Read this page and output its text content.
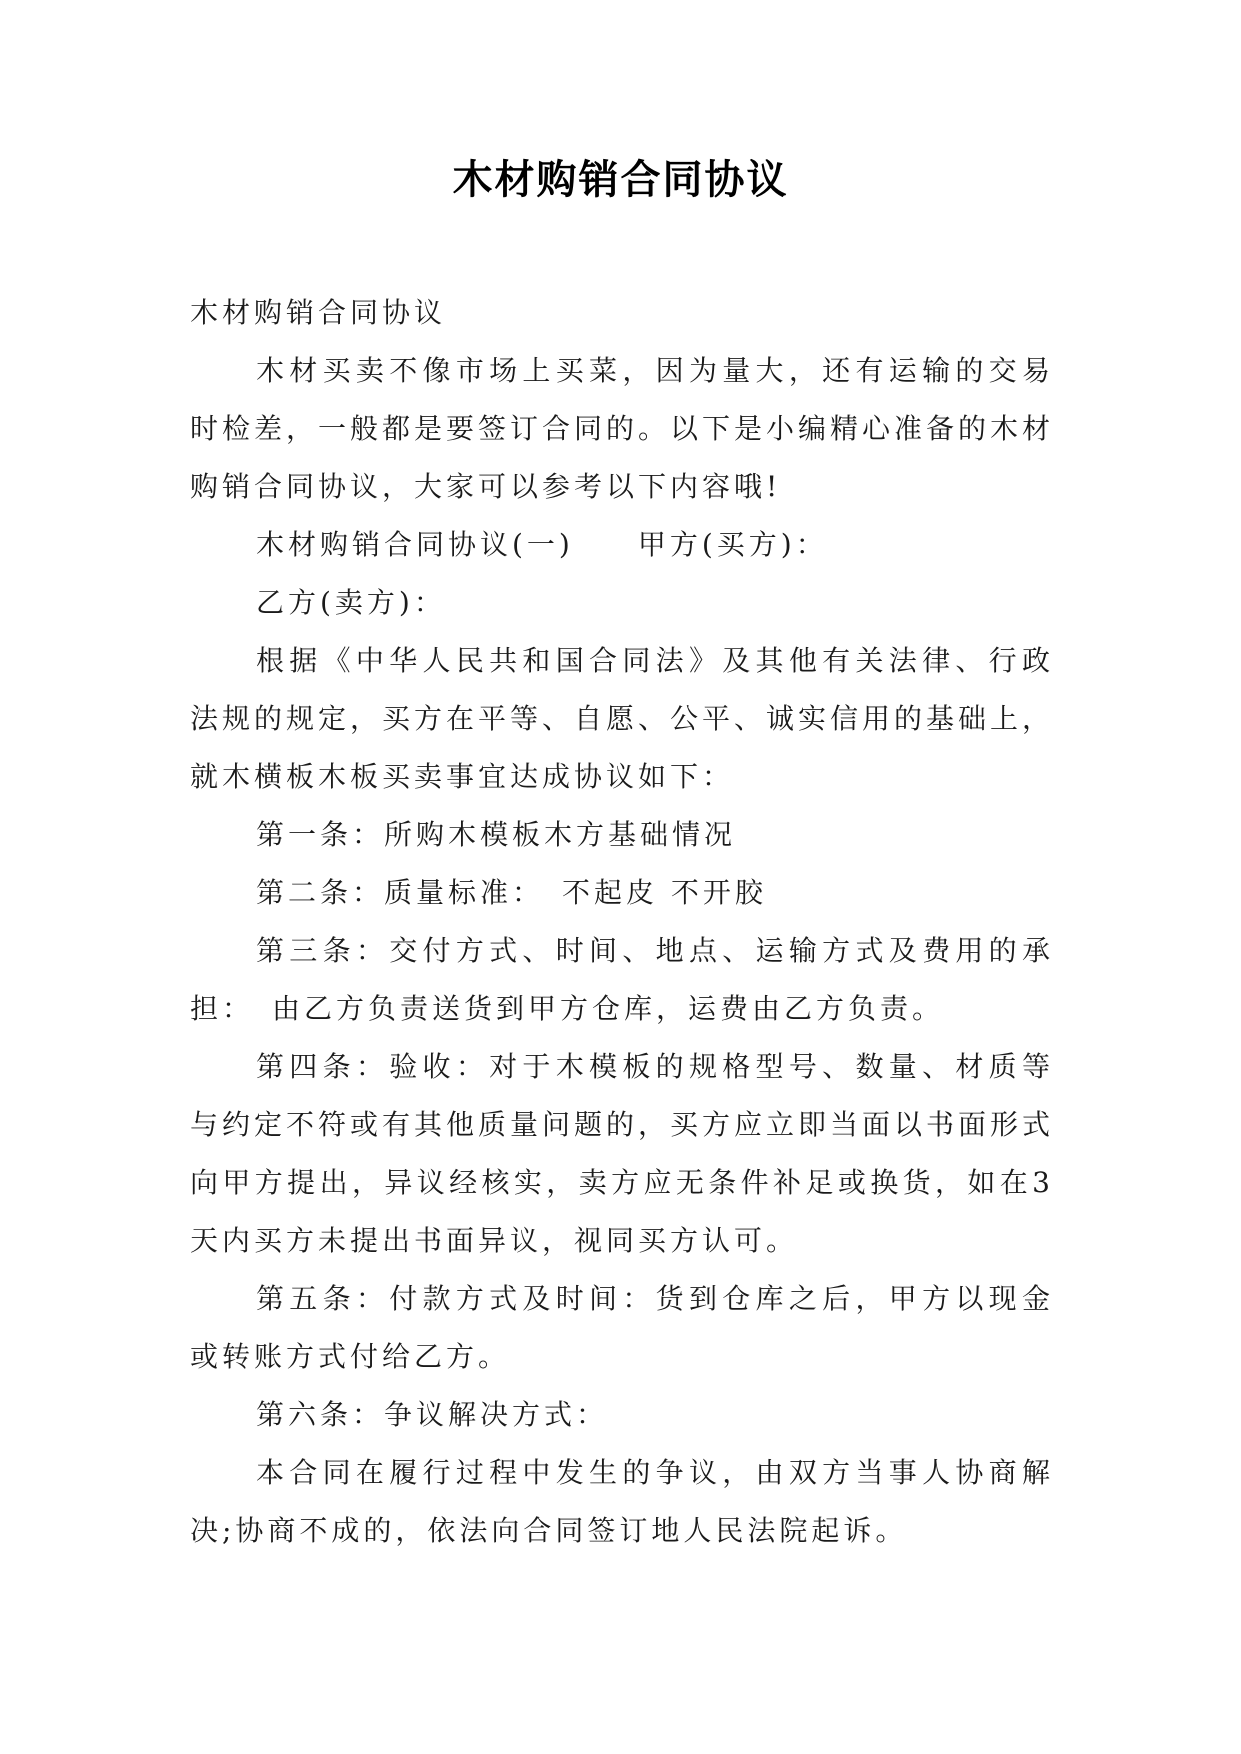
木材购销合同协议

木材购销合同协议

木材买卖不像市场上买菜，因为量大，还有运输的交易时检差，一般都是要签订合同的。以下是小编精心准备的木材购销合同协议，大家可以参考以下内容哦!

木材购销合同协议(一)　　甲方(买方)：

乙方(卖方)：

根据《中华人民共和国合同法》及其他有关法律、行政法规的规定，买方在平等、自愿、公平、诚实信用的基础上，就木横板木板买卖事宜达成协议如下：

第一条：所购木模板木方基础情况

第二条：质量标准：　不起皮 不开胶

第三条：交付方式、时间、地点、运输方式及费用的承担：　由乙方负责送货到甲方仓库，运费由乙方负责。

第四条：验收：对于木模板的规格型号、数量、材质等与约定不符或有其他质量问题的，买方应立即当面以书面形式向甲方提出，异议经核实，卖方应无条件补足或换货，如在3天内买方未提出书面异议，视同买方认可。

第五条：付款方式及时间：货到仓库之后，甲方以现金或转账方式付给乙方。

第六条：争议解决方式：

本合同在履行过程中发生的争议，由双方当事人协商解决;协商不成的，依法向合同签订地人民法院起诉。
